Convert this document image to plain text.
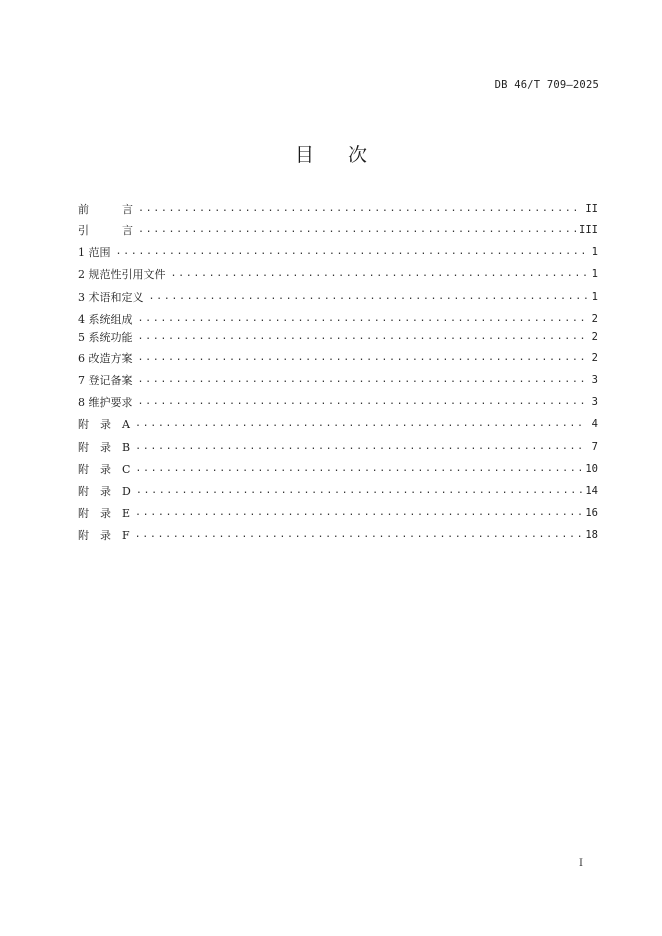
DB 46/T 709—2025
目 次
前　　　言 .....	II
引　　　言 .....	III
1 范围 .....	1
2 规范性引用文件 .....	1
3 术语和定义 .....	1
4 系统组成 .....	2
5 系统功能 .....	2
6 改造方案 .....	2
7 登记备案 .....	3
8 维护要求 .....	3
附　录　A .....	4
附　录　B .....	7
附　录　C .....	10
附　录　D .....	14
附　录　E .....	16
附　录　F .....	18
I
